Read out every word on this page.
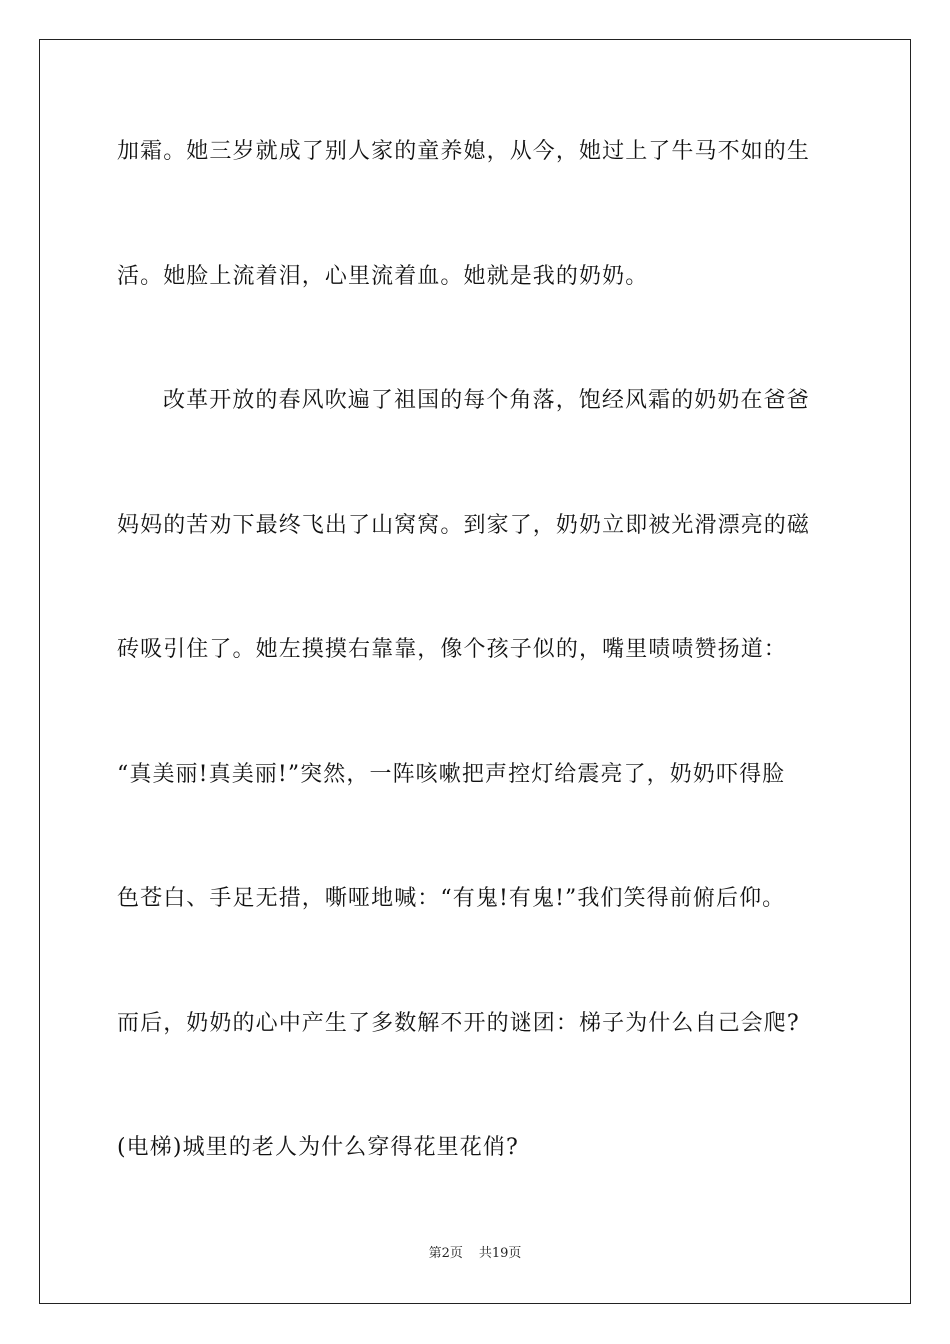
加霜。她三岁就成了别人家的童养媳，从今，她过上了牛马不如的生
活。她脸上流着泪，心里流着血。她就是我的奶奶。
改革开放的春风吹遍了祖国的每个角落，饱经风霜的奶奶在爸爸
妈妈的苦劝下最终飞出了山窝窝。到家了，奶奶立即被光滑漂亮的磁
砖吸引住了。她左摸摸右靠靠，像个孩子似的，嘴里啧啧赞扬道：
“真美丽!真美丽!”突然，一阵咳嗽把声控灯给震亮了，奶奶吓得脸
色苍白、手足无措，嘶哑地喊：“有鬼!有鬼!”我们笑得前俯后仰。
而后，奶奶的心中产生了多数解不开的谜团：梯子为什么自己会爬?
(电梯)城里的老人为什么穿得花里花俏?
第2页 共19页
